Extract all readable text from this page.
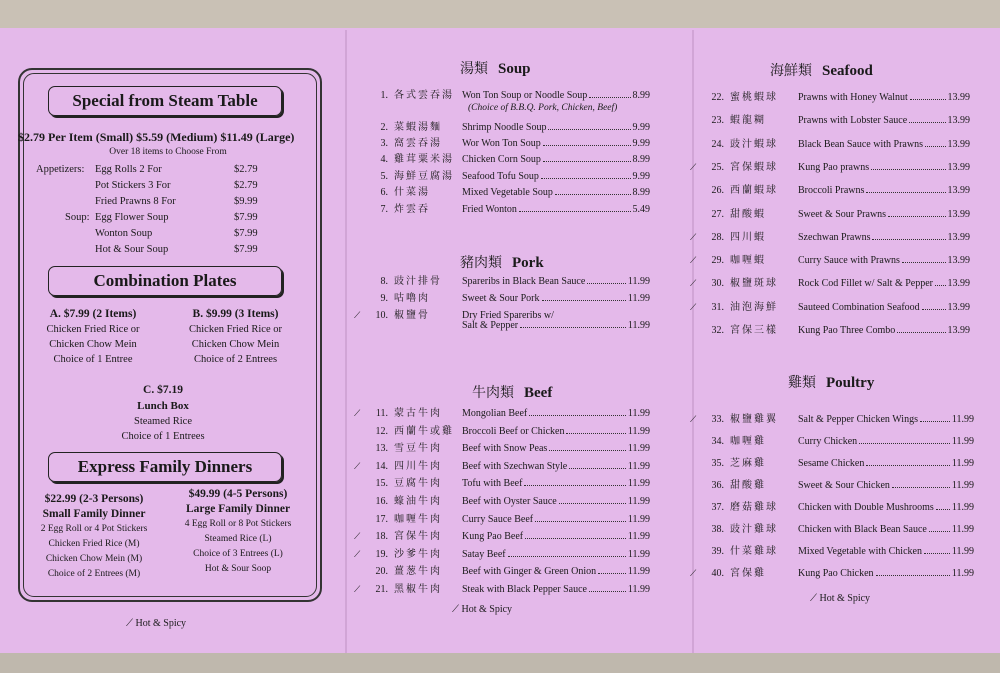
Special from Steam Table
$2.79 Per Item (Small) $5.59 (Medium) $11.49 (Large)
Over 18 items to Choose From
Appetizers: Egg Rolls 2 For	$2.79
Pot Stickers 3 For	$2.79
Fried Prawns 8 For	$9.99
Soup: Egg Flower Soup	$7.99
Wonton Soup	$7.99
Hot & Sour Soup	$7.99
Combination Plates
A. $7.99 (2 Items)
Chicken Fried Rice or
Chicken Chow Mein
Choice of 1 Entree
B. $9.99 (3 Items)
Chicken Fried Rice or
Chicken Chow Mein
Choice of 2 Entrees
C. $7.19
Lunch Box
Steamed Rice
Choice of 1 Entrees
Express Family Dinners
$22.99 (2-3 Persons)
Small Family Dinner
2 Egg Roll or 4 Pot Stickers
Chicken Fried Rice (M)
Chicken Chow Mein (M)
Choice of 2 Entrees (M)
$49.99 (4-5 Persons)
Large Family Dinner
4 Egg Roll or 8 Pot Stickers
Steamed Rice (L)
Choice of 3 Entrees (L)
Hot & Sour Soop
⟋ Hot & Spicy
湯類 Soup
1. 各式雲吞湯 Won Ton Soup or Noodle Soup	8.99
2. 菜蝦湯麵	Shrimp Noodle Soup	9.99
3. 窩雲吞湯	Wor Won Ton Soup	9.99
4. 雞茸粟米湯 Chicken Corn Soup	8.99
5. 海鮮豆腐湯 Seafood Tofu Soup	9.99
6. 什菜湯	Mixed Vegetable Soup	8.99
7. 炸雲吞	Fried Wonton	5.49
(Choice of B.B.Q. Pork, Chicken, Beef)
豬肉類 Pork
8. 豉汁排骨	Spareribs in Black Bean Sauce	11.99
9. 咕嚕肉	Sweet & Sour Pork	11.99
⟋	10. 椒鹽骨	Dry Fried Spareribs w/
Salt & Pepper	11.99
牛肉類 Beef
⟋	11. 蒙古牛肉	Mongolian Beef	11.99
12. 西蘭牛或雞 Broccoli Beef or Chicken	11.99
13. 雪豆牛肉	Beef with Snow Peas	11.99
⟋	14. 四川牛肉	Beef with Szechwan Style	11.99
15. 豆腐牛肉	Tofu with Beef	11.99
16. 蠔油牛肉	Beef with Oyster Sauce	11.99
17. 咖喱牛肉	Curry Sauce Beef	11.99
⟋	18. 宮保牛肉	Kung Pao Beef	11.99
⟋	19. 沙爹牛肉	Satay Beef	11.99
20. 薑葱牛肉	Beef with Ginger & Green Onion	11.99
⟋	21. 黑椒牛肉	Steak with Black Pepper Sauce	11.99
⟋ Hot & Spicy
海鮮類 Seafood
22. 蜜桃蝦球	Prawns with Honey Walnut	13.99
23. 蝦龍糊	Prawns with Lobster Sauce	13.99
24. 豉汁蝦球	Black Bean Sauce with Prawns 13.99
⟋	25. 宮保蝦球	Kung Pao prawns	13.99
26. 西蘭蝦球	Broccoli Prawns	13.99
27. 甜酸蝦	Sweet & Sour Prawns	13.99
⟋	28. 四川蝦	Szechwan Prawns	13.99
⟋	29. 咖喱蝦	Curry Sauce with Prawns	13.99
⟋	30. 椒鹽斑球	Rock Cod Fillet w/ Salt & Pepper 13.99
⟋	31. 油泡海鮮	Sauteed Combination Seafood	13.99
32. 宮保三樣	Kung Pao Three Combo	13.99
雞類 Poultry
⟋	33. 椒鹽雞翼	Salt & Pepper Chicken Wings	11.99
34. 咖喱雞	Curry Chicken	11.99
35. 芝麻雞	Sesame Chicken	11.99
36. 甜酸雞	Sweet & Sour Chicken	11.99
37. 磨菇雞球	Chicken with Double Mushrooms 11.99
38. 豉汁雞球	Chicken with Black Bean Sauce	11.99
39. 什菜雞球	Mixed Vegetable with Chicken	11.99
⟋	40. 宮保雞	Kung Pao Chicken	11.99
⟋ Hot & Spicy
